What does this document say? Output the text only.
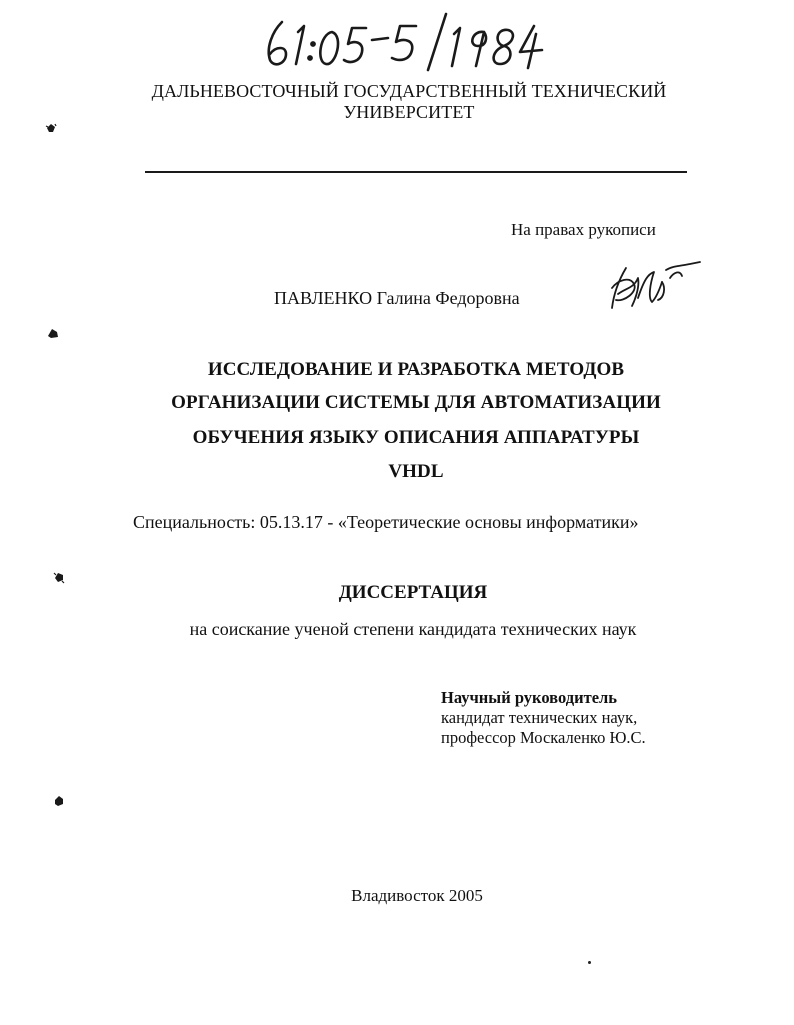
ДАЛЬНЕВОСТОЧНЫЙ ГОСУДАРСТВЕННЫЙ ТЕХНИЧЕСКИЙ
УНИВЕРСИТЕТ
На правах рукописи
ПАВЛЕНКО Галина Федоровна
ИССЛЕДОВАНИЕ И РАЗРАБОТКА МЕТОДОВ
ОРГАНИЗАЦИИ СИСТЕМЫ ДЛЯ АВТОМАТИЗАЦИИ
ОБУЧЕНИЯ ЯЗЫКУ ОПИСАНИЯ АППАРАТУРЫ
VHDL
Специальность: 05.13.17 - «Теоретические основы информатики»
ДИССЕРТАЦИЯ
на соискание ученой степени кандидата технических наук
Научный руководитель
кандидат технических наук,
профессор Москаленко Ю.С.
Владивосток 2005
